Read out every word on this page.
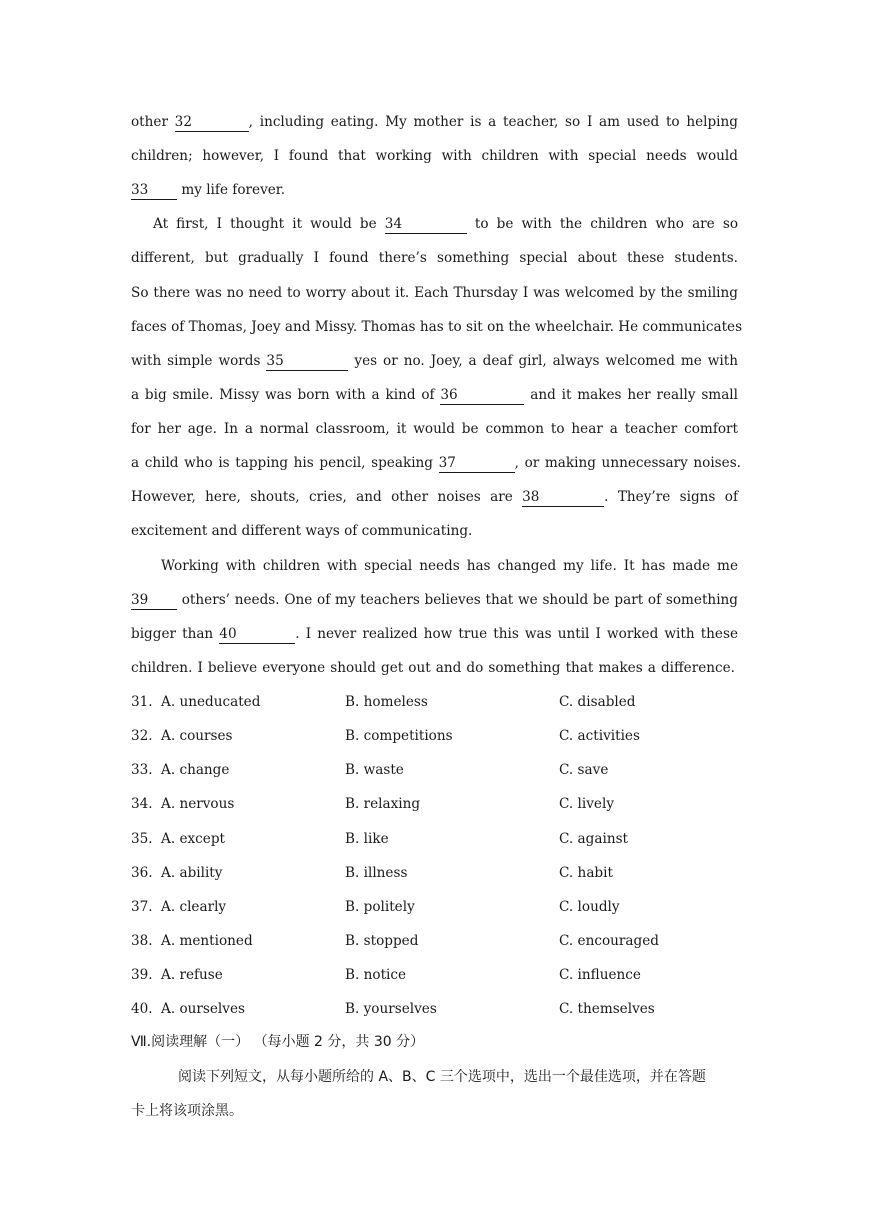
other 32	, including eating. My mother is a teacher, so I am used to helping
children; however, I found that working with children with special needs would
33 my life forever.
At first, I thought it would be 34	to be with the children who are so
different, but gradually I found there’s something special about these students.
So there was no need to worry about it. Each Thursday I was welcomed by the smiling
faces of Thomas, Joey and Missy. Thomas has to sit on the wheelchair. He communicates
with simple words 35	yes or no. Joey, a deaf girl, always welcomed me with
a big smile. Missy was born with a kind of 36	and it makes her really small
for her age. In a normal classroom, it would be common to hear a teacher comfort
a child who is tapping his pencil, speaking 37	, or making unnecessary noises.
However, here, shouts, cries, and other noises are 38	. They’re signs of
excitement and different ways of communicating.
Working with children with special needs has changed my life. It has made me
39 others’ needs. One of my teachers believes that we should be part of something
bigger than 40	. I never realized how true this was until I worked with these
children. I believe everyone should get out and do something that makes a difference.
31. A. uneducated	B. homeless	C. disabled
32. A. courses	B. competitions	C. activities
33. A. change	B. waste	C. save
34. A. nervous	B. relaxing	C. lively
35. A. except	B. like	C. against
36. A. ability	B. illness	C. habit
37. A. clearly	B. politely	C. loudly
38. A. mentioned	B. stopped	C. encouraged
39. A. refuse	B. notice	C. influence
40. A. ourselves	B. yourselves	C. themselves
Ⅶ.阅读理解（一） （每小题 2 分，共 30 分）
阅读下列短文，从每小题所给的 A、B、C 三个选项中，选出一个最佳选项，并在答题
卡上将该项涂黑。
